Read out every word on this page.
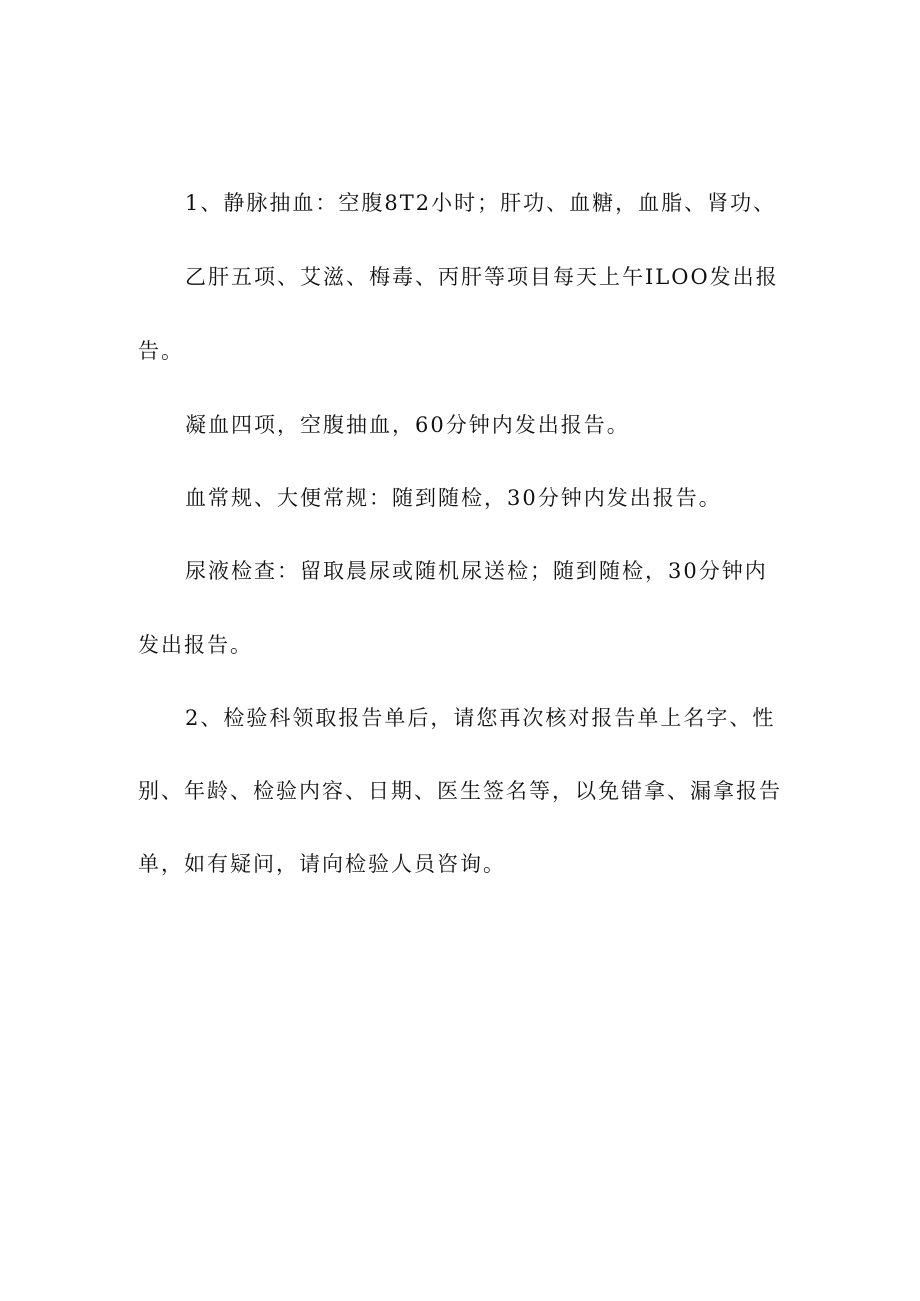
1、静脉抽血：空腹8T2小时；肝功、血糖，血脂、肾功、
乙肝五项、艾滋、梅毒、丙肝等项目每天上午ILOO发出报
告。
凝血四项，空腹抽血，60分钟内发出报告。
血常规、大便常规：随到随检，30分钟内发出报告。
尿液检查：留取晨尿或随机尿送检；随到随检，30分钟内
发出报告。
2、检验科领取报告单后，请您再次核对报告单上名字、性
别、年龄、检验内容、日期、医生签名等，以免错拿、漏拿报告
单，如有疑问，请向检验人员咨询。
